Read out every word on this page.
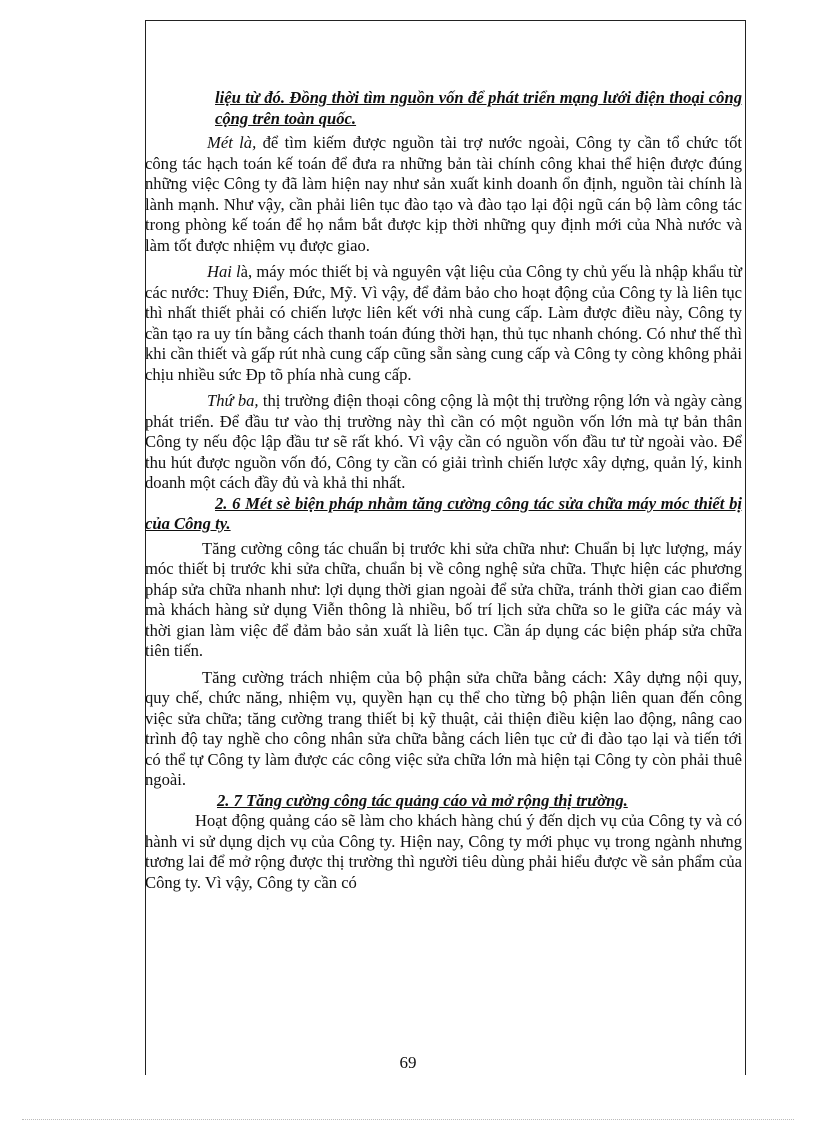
liệu từ đó. Đồng thời tìm nguồn vốn để phát triển mạng lưới điện thoại công cộng trên toàn quốc.

Mét là, để tìm kiếm được nguồn tài trợ nước ngoài, Công ty cần tổ chức tốt công tác hạch toán kế toán để đưa ra những bản tài chính công khai thể hiện được đúng những việc Công ty đã làm hiện nay như sản xuất kinh doanh ổn định, nguồn tài chính là lành mạnh. Như vậy, cần phải liên tục đào tạo và đào tạo lại đội ngũ cán bộ làm công tác trong phòng kế toán để họ nắm bắt được kịp thời những quy định mới của Nhà nước và làm tốt được nhiệm vụ được giao.

Hai là, máy móc thiết bị và nguyên vật liệu của Công ty chủ yếu là nhập khẩu từ các nước: Thuỵ Điển, Đức, Mỹ. Vì vậy, để đảm bảo cho hoạt động của Công ty là liên tục thì nhất thiết phải có chiến lược liên kết với nhà cung cấp. Làm được điều này, Công ty cần tạo ra uy tín bằng cách thanh toán đúng thời hạn, thủ tục nhanh chóng. Có như thế thì khi cần thiết và gấp rút nhà cung cấp cũng sẵn sàng cung cấp và Công ty còng không phải chịu nhiều sức Ðp tõ phía nhà cung cấp.

Thứ ba, thị trường điện thoại công cộng là một thị trường rộng lớn và ngày càng phát triển. Để đầu tư vào thị trường này thì cần có một nguồn vốn lớn mà tự bản thân Công ty nếu độc lập đầu tư sẽ rất khó. Vì vậy cần có nguồn vốn đầu tư từ ngoài vào. Để thu hút được nguồn vốn đó, Công ty cần có giải trình chiến lược xây dựng, quản lý, kinh doanh một cách đầy đủ và khả thi nhất.

2. 6 Mét sè biện pháp nhằm tăng cường công tác sửa chữa máy móc thiết bị của Công ty.

Tăng cường công tác chuẩn bị trước khi sửa chữa như: Chuẩn bị lực lượng, máy móc thiết bị trước khi sửa chữa, chuẩn bị về công nghệ sửa chữa. Thực hiện các phương pháp sửa chữa nhanh như: lợi dụng thời gian ngoài để sửa chữa, tránh thời gian cao điểm mà khách hàng sử dụng Viễn thông là nhiều, bố trí lịch sửa chữa so le giữa các máy và thời gian làm việc để đảm bảo sản xuất là liên tục. Cần áp dụng các biện pháp sửa chữa tiên tiến.

Tăng cường trách nhiệm của bộ phận sửa chữa bằng cách: Xây dựng nội quy, quy chế, chức năng, nhiệm vụ, quyền hạn cụ thể cho từng bộ phận liên quan đến công việc sửa chữa; tăng cường trang thiết bị kỹ thuật, cải thiện điều kiện lao động, nâng cao trình độ tay nghề cho công nhân sửa chữa bằng cách liên tục cử đi đào tạo lại và tiến tới có thể tự Công ty làm được các công việc sửa chữa lớn mà hiện tại Công ty còn phải thuê ngoài.

2. 7 Tăng cường công tác quảng cáo và mở rộng thị trường.

Hoạt động quảng cáo sẽ làm cho khách hàng chú ý đến dịch vụ của Công ty và có hành vi sử dụng dịch vụ của Công ty. Hiện nay, Công ty mới phục vụ trong ngành nhưng tương lai để mở rộng được thị trường thì người tiêu dùng phải hiểu được về sản phẩm của Công ty. Vì vậy, Công ty cần có

69
